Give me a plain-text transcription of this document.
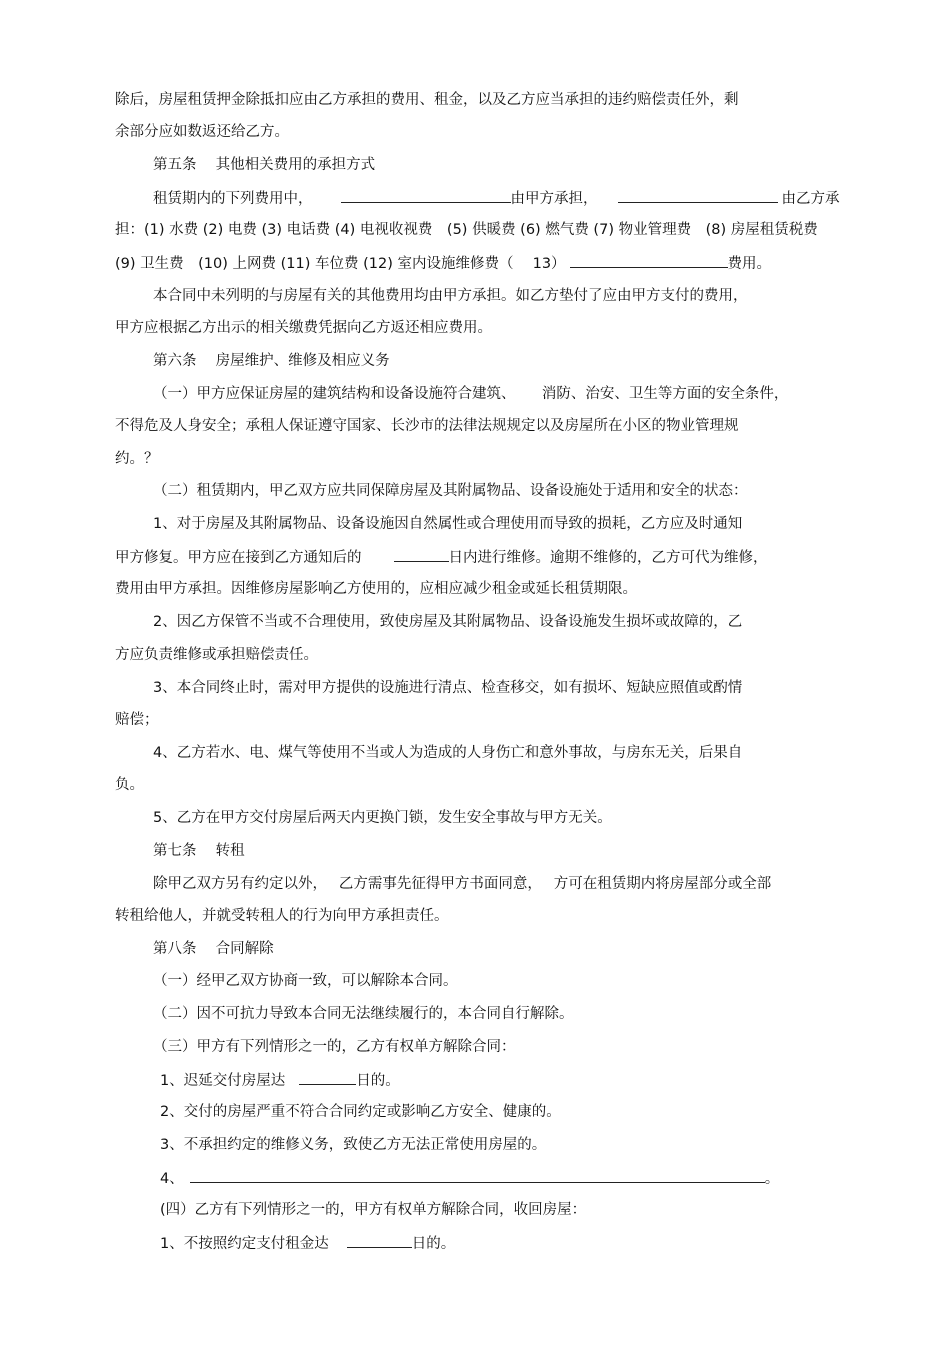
除后，房屋租赁押金除抵扣应由乙方承担的费用、租金，以及乙方应当承担的违约赔偿责任外，剩
余部分应如数返还给乙方。
第五条　 其他相关费用的承担方式
租赁期内的下列费用中，	由甲方承担，	由乙方承
担：(1) 水费 (2) 电费 (3) 电话费 (4) 电视收视费　(5) 供暖费 (6) 燃气费 (7) 物业管理费　(8) 房屋租赁税费
(9) 卫生费　(10) 上网费 (11) 车位费 (12) 室内设施维修费（　 13）	费用。
本合同中未列明的与房屋有关的其他费用均由甲方承担。如乙方垫付了应由甲方支付的费用，
甲方应根据乙方出示的相关缴费凭据向乙方返还相应费用。
第六条　 房屋维护、维修及相应义务
（一）甲方应保证房屋的建筑结构和设备设施符合建筑、　　 消防、治安、卫生等方面的安全条件，
不得危及人身安全；承租人保证遵守国家、长沙市的法律法规规定以及房屋所在小区的物业管理规
约。？
（二）租赁期内，甲乙双方应共同保障房屋及其附属物品、设备设施处于适用和安全的状态：
1、对于房屋及其附属物品、设备设施因自然属性或合理使用而导致的损耗，乙方应及时通知
甲方修复。甲方应在接到乙方通知后的	日内进行维修。逾期不维修的，乙方可代为维修，
费用由甲方承担。因维修房屋影响乙方使用的，应相应减少租金或延长租赁期限。
2、因乙方保管不当或不合理使用，致使房屋及其附属物品、设备设施发生损坏或故障的，乙
方应负责维修或承担赔偿责任。
3、本合同终止时，需对甲方提供的设施进行清点、检查移交，如有损坏、短缺应照值或酌情
赔偿；
4、乙方若水、电、煤气等使用不当或人为造成的人身伤亡和意外事故，与房东无关，后果自
负。
5、乙方在甲方交付房屋后两天内更换门锁，发生安全事故与甲方无关。
第七条　 转租
除甲乙双方另有约定以外，　 乙方需事先征得甲方书面同意，　 方可在租赁期内将房屋部分或全部
转租给他人，并就受转租人的行为向甲方承担责任。
第八条　 合同解除
（一）经甲乙双方协商一致，可以解除本合同。
（二）因不可抗力导致本合同无法继续履行的，本合同自行解除。
（三）甲方有下列情形之一的，乙方有权单方解除合同：
1、迟延交付房屋达	日的。
2、交付的房屋严重不符合合同约定或影响乙方安全、健康的。
3、不承担约定的维修义务，致使乙方无法正常使用房屋的。
4、	。
(四）乙方有下列情形之一的，甲方有权单方解除合同，收回房屋：
1、不按照约定支付租金达	日的。
